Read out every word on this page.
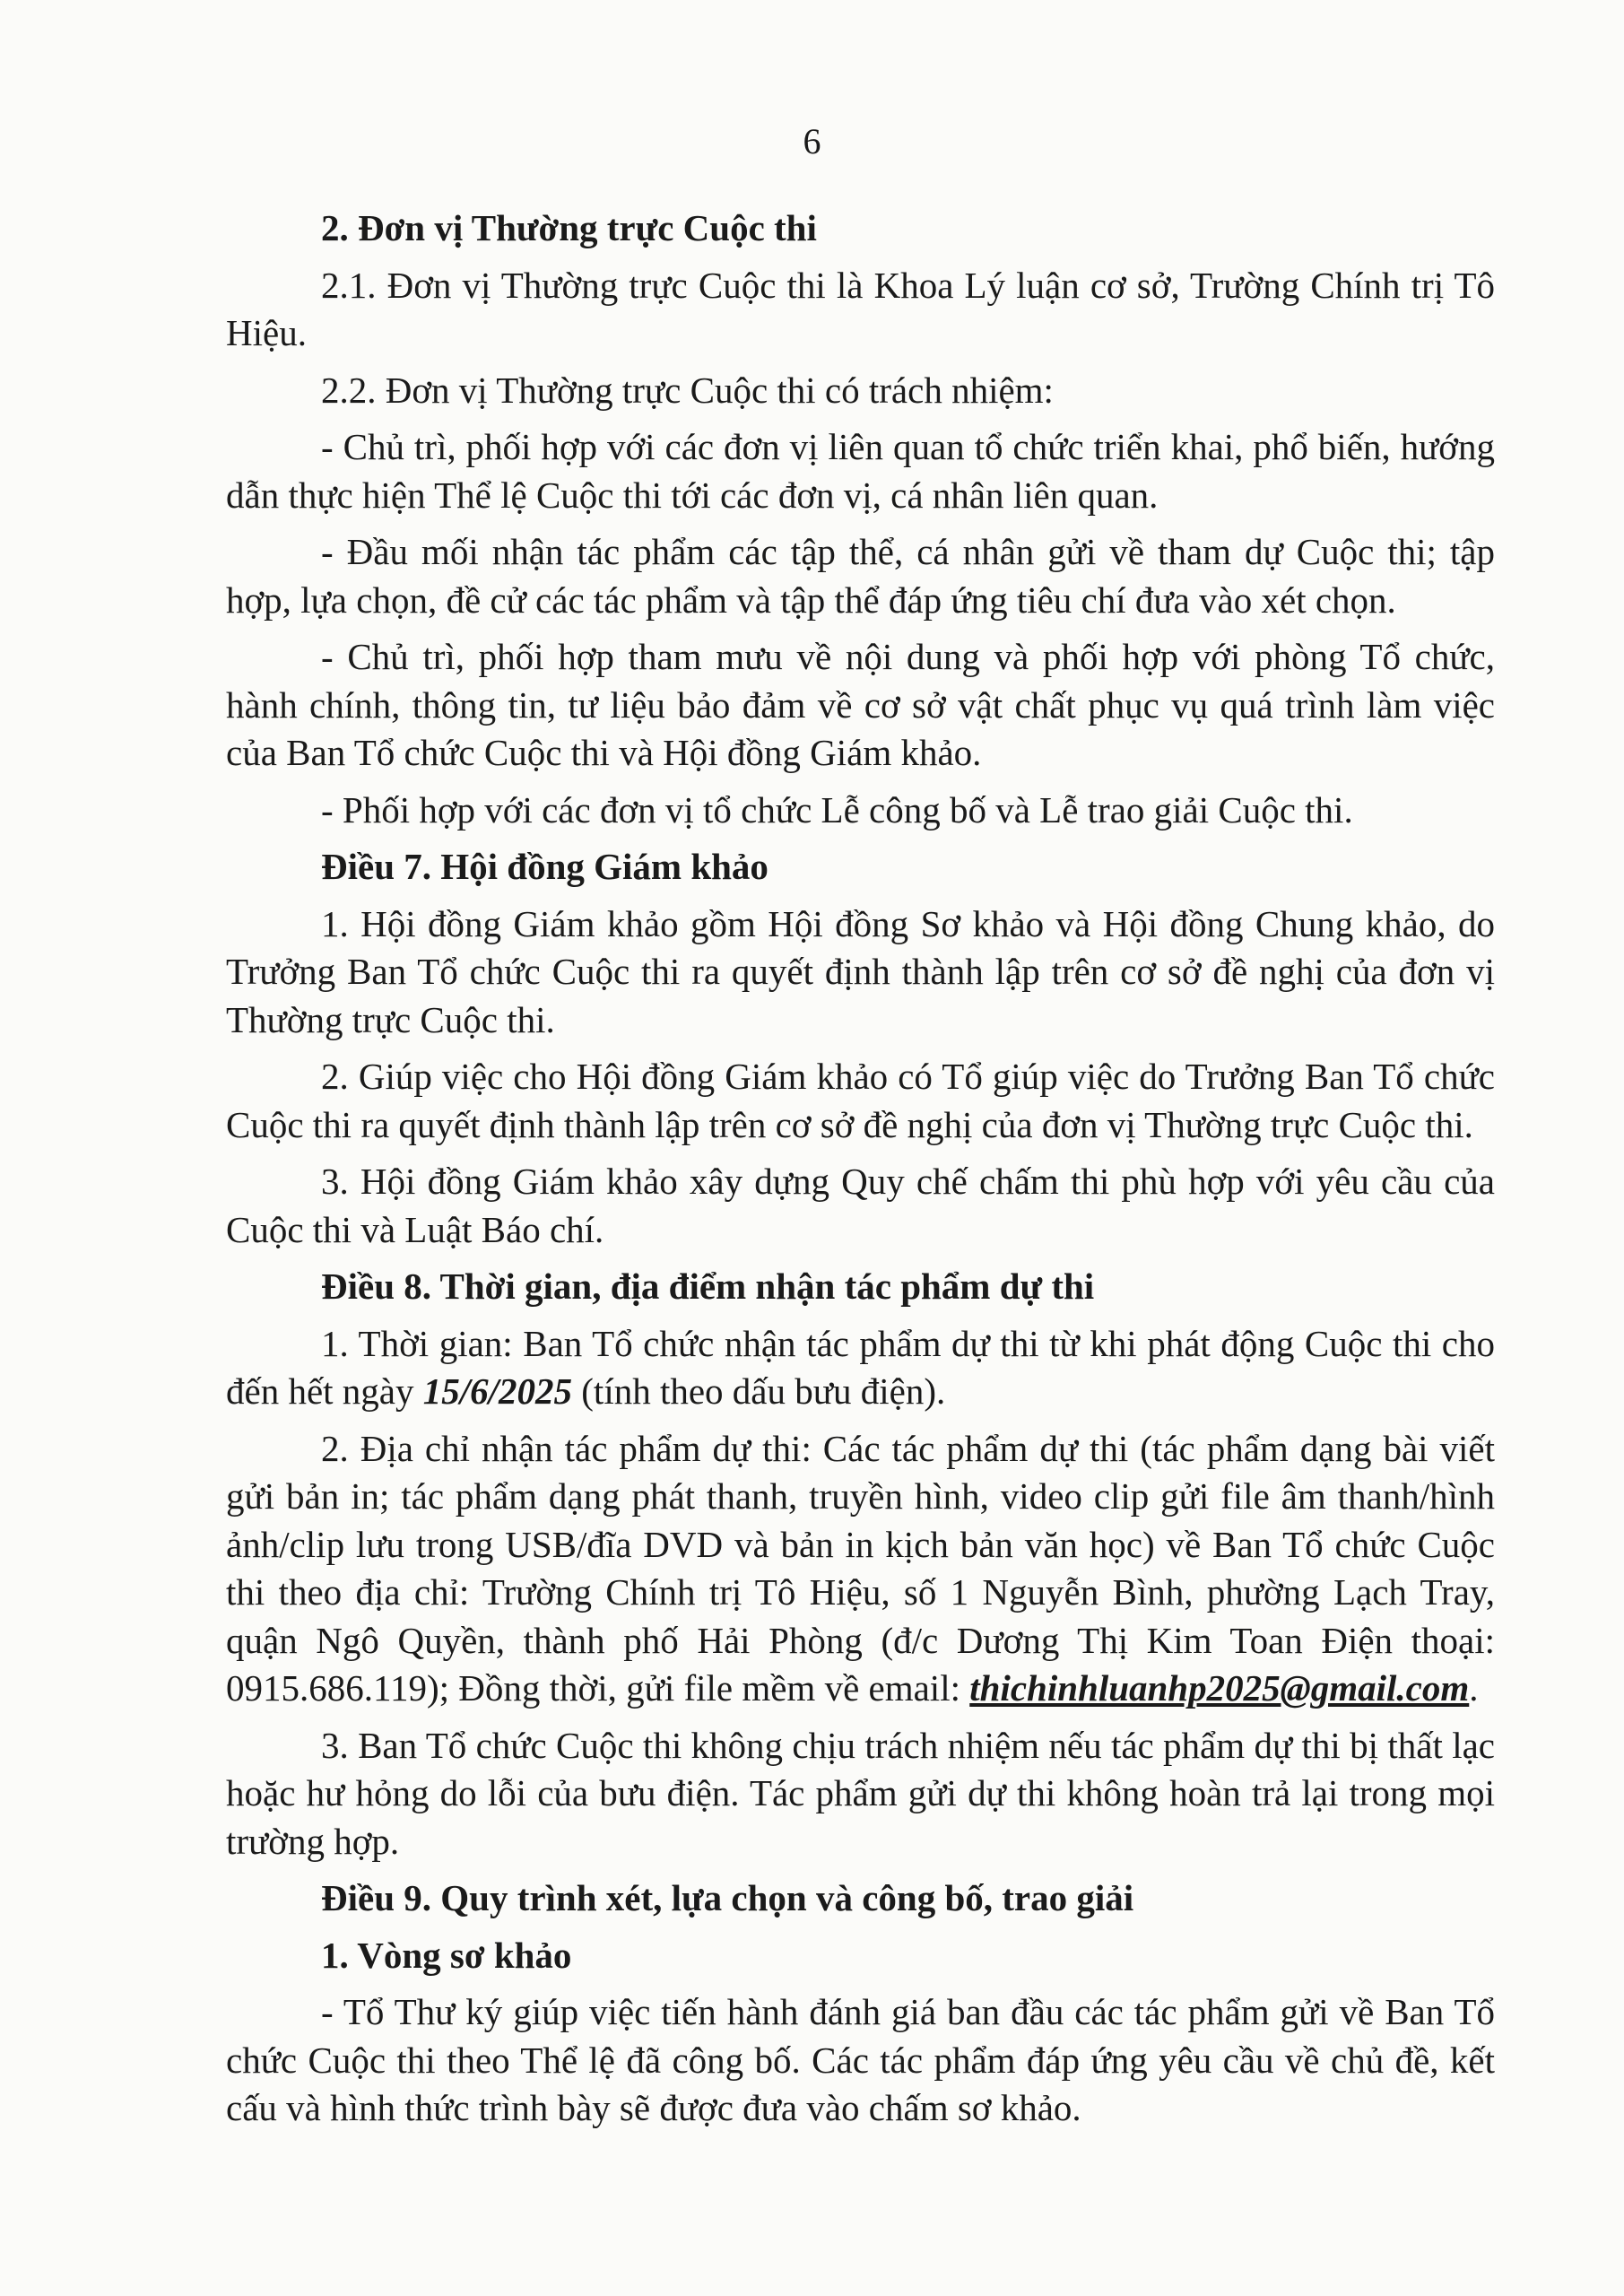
6

2. Đơn vị Thường trực Cuộc thi

2.1. Đơn vị Thường trực Cuộc thi là Khoa Lý luận cơ sở, Trường Chính trị Tô Hiệu.

2.2. Đơn vị Thường trực Cuộc thi có trách nhiệm:

- Chủ trì, phối hợp với các đơn vị liên quan tổ chức triển khai, phổ biến, hướng dẫn thực hiện Thể lệ Cuộc thi tới các đơn vị, cá nhân liên quan.

- Đầu mối nhận tác phẩm các tập thể, cá nhân gửi về tham dự Cuộc thi; tập hợp, lựa chọn, đề cử các tác phẩm và tập thể đáp ứng tiêu chí đưa vào xét chọn.

- Chủ trì, phối hợp tham mưu về nội dung và phối hợp với phòng Tổ chức, hành chính, thông tin, tư liệu bảo đảm về cơ sở vật chất phục vụ quá trình làm việc của Ban Tổ chức Cuộc thi và Hội đồng Giám khảo.

- Phối hợp với các đơn vị tổ chức Lễ công bố và Lễ trao giải Cuộc thi.

Điều 7. Hội đồng Giám khảo

1. Hội đồng Giám khảo gồm Hội đồng Sơ khảo và Hội đồng Chung khảo, do Trưởng Ban Tổ chức Cuộc thi ra quyết định thành lập trên cơ sở đề nghị của đơn vị Thường trực Cuộc thi.

2. Giúp việc cho Hội đồng Giám khảo có Tổ giúp việc do Trưởng Ban Tổ chức Cuộc thi ra quyết định thành lập trên cơ sở đề nghị của đơn vị Thường trực Cuộc thi.

3. Hội đồng Giám khảo xây dựng Quy chế chấm thi phù hợp với yêu cầu của Cuộc thi và Luật Báo chí.

Điều 8. Thời gian, địa điểm nhận tác phẩm dự thi

1. Thời gian: Ban Tổ chức nhận tác phẩm dự thi từ khi phát động Cuộc thi cho đến hết ngày 15/6/2025 (tính theo dấu bưu điện).

2. Địa chỉ nhận tác phẩm dự thi: Các tác phẩm dự thi (tác phẩm dạng bài viết gửi bản in; tác phẩm dạng phát thanh, truyền hình, video clip gửi file âm thanh/hình ảnh/clip lưu trong USB/đĩa DVD và bản in kịch bản văn học) về Ban Tổ chức Cuộc thi theo địa chỉ: Trường Chính trị Tô Hiệu, số 1 Nguyễn Bình, phường Lạch Tray, quận Ngô Quyền, thành phố Hải Phòng (đ/c Dương Thị Kim Toan Điện thoại: 0915.686.119); Đồng thời, gửi file mềm về email: thichinhluanhp2025@gmail.com.

3. Ban Tổ chức Cuộc thi không chịu trách nhiệm nếu tác phẩm dự thi bị thất lạc hoặc hư hỏng do lỗi của bưu điện. Tác phẩm gửi dự thi không hoàn trả lại trong mọi trường hợp.

Điều 9. Quy trình xét, lựa chọn và công bố, trao giải

1. Vòng sơ khảo

- Tổ Thư ký giúp việc tiến hành đánh giá ban đầu các tác phẩm gửi về Ban Tổ chức Cuộc thi theo Thể lệ đã công bố. Các tác phẩm đáp ứng yêu cầu về chủ đề, kết cấu và hình thức trình bày sẽ được đưa vào chấm sơ khảo.
